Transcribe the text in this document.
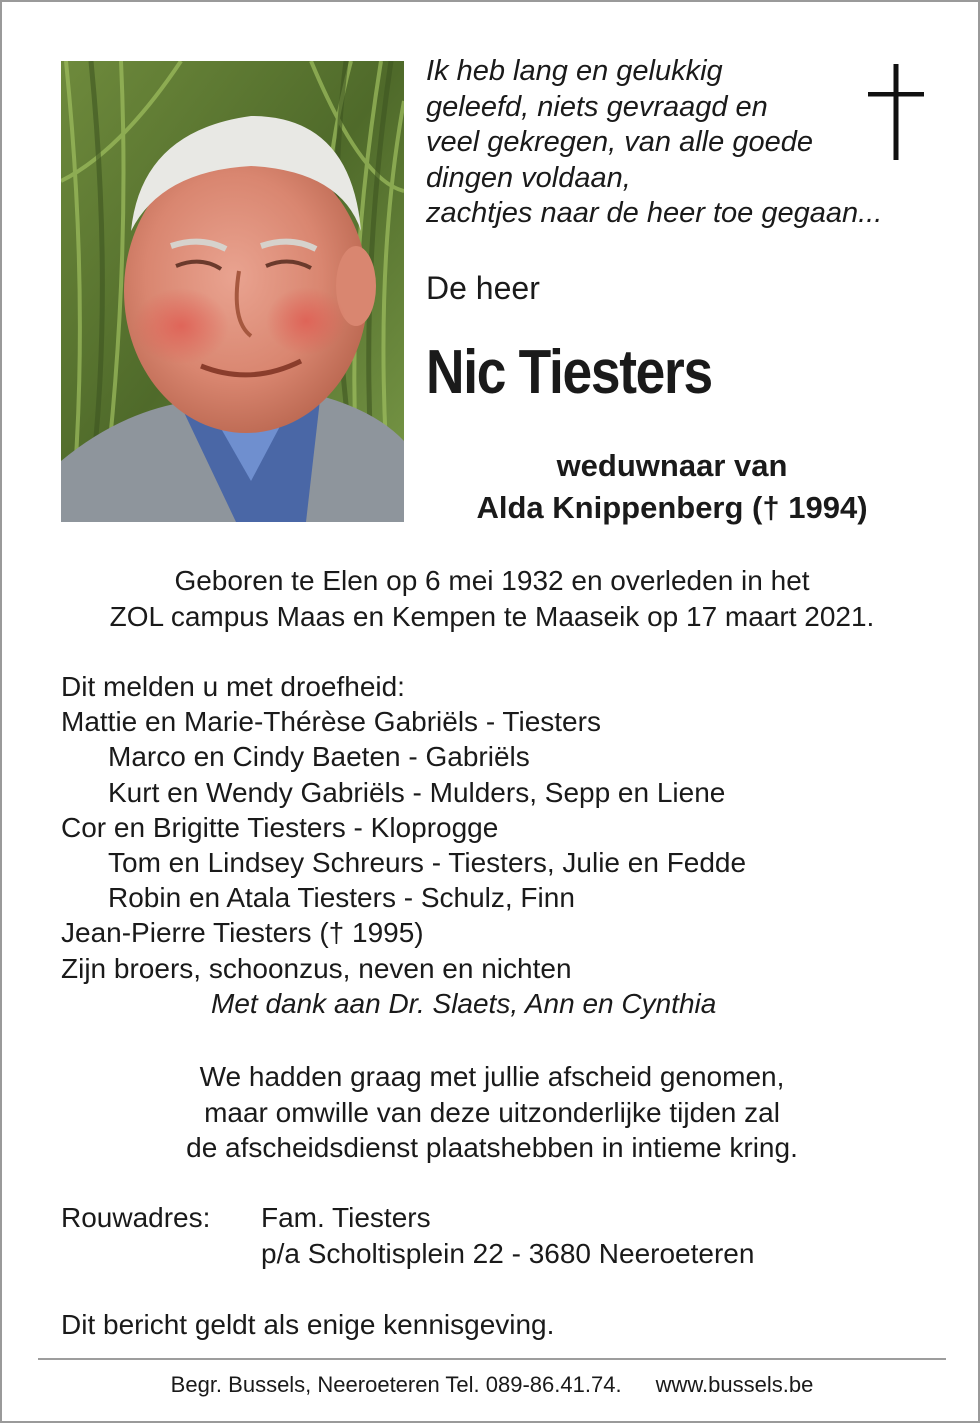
Ik heb lang en gelukkig
geleefd, niets gevraagd en
veel gekregen, van alle goede
dingen voldaan,
zachtjes naar de heer toe gegaan...
De heer
Nic Tiesters
weduwnaar van
Alda Knippenberg († 1994)
Geboren te Elen op 6 mei 1932 en overleden in het
ZOL campus Maas en Kempen te Maaseik op 17 maart 2021.
Dit melden u met droefheid:
Mattie en Marie-Thérèse Gabriëls - Tiesters
Marco en Cindy Baeten - Gabriëls
Kurt en Wendy Gabriëls - Mulders, Sepp en Liene
Cor en Brigitte Tiesters - Kloprogge
Tom en Lindsey Schreurs - Tiesters, Julie en Fedde
Robin en Atala Tiesters - Schulz, Finn
Jean-Pierre Tiesters († 1995)
Zijn broers, schoonzus, neven en nichten
Met dank aan Dr. Slaets, Ann en Cynthia
We hadden graag met jullie afscheid genomen,
maar omwille van deze uitzonderlijke tijden zal
de afscheidsdienst plaatshebben in intieme kring.
Rouwadres:	Fam. Tiesters
p/a Scholtisplein 22 - 3680 Neeroeteren
Dit bericht geldt als enige kennisgeving.
Begr. Bussels, Neeroeteren Tel. 089-86.41.74. www.bussels.be
